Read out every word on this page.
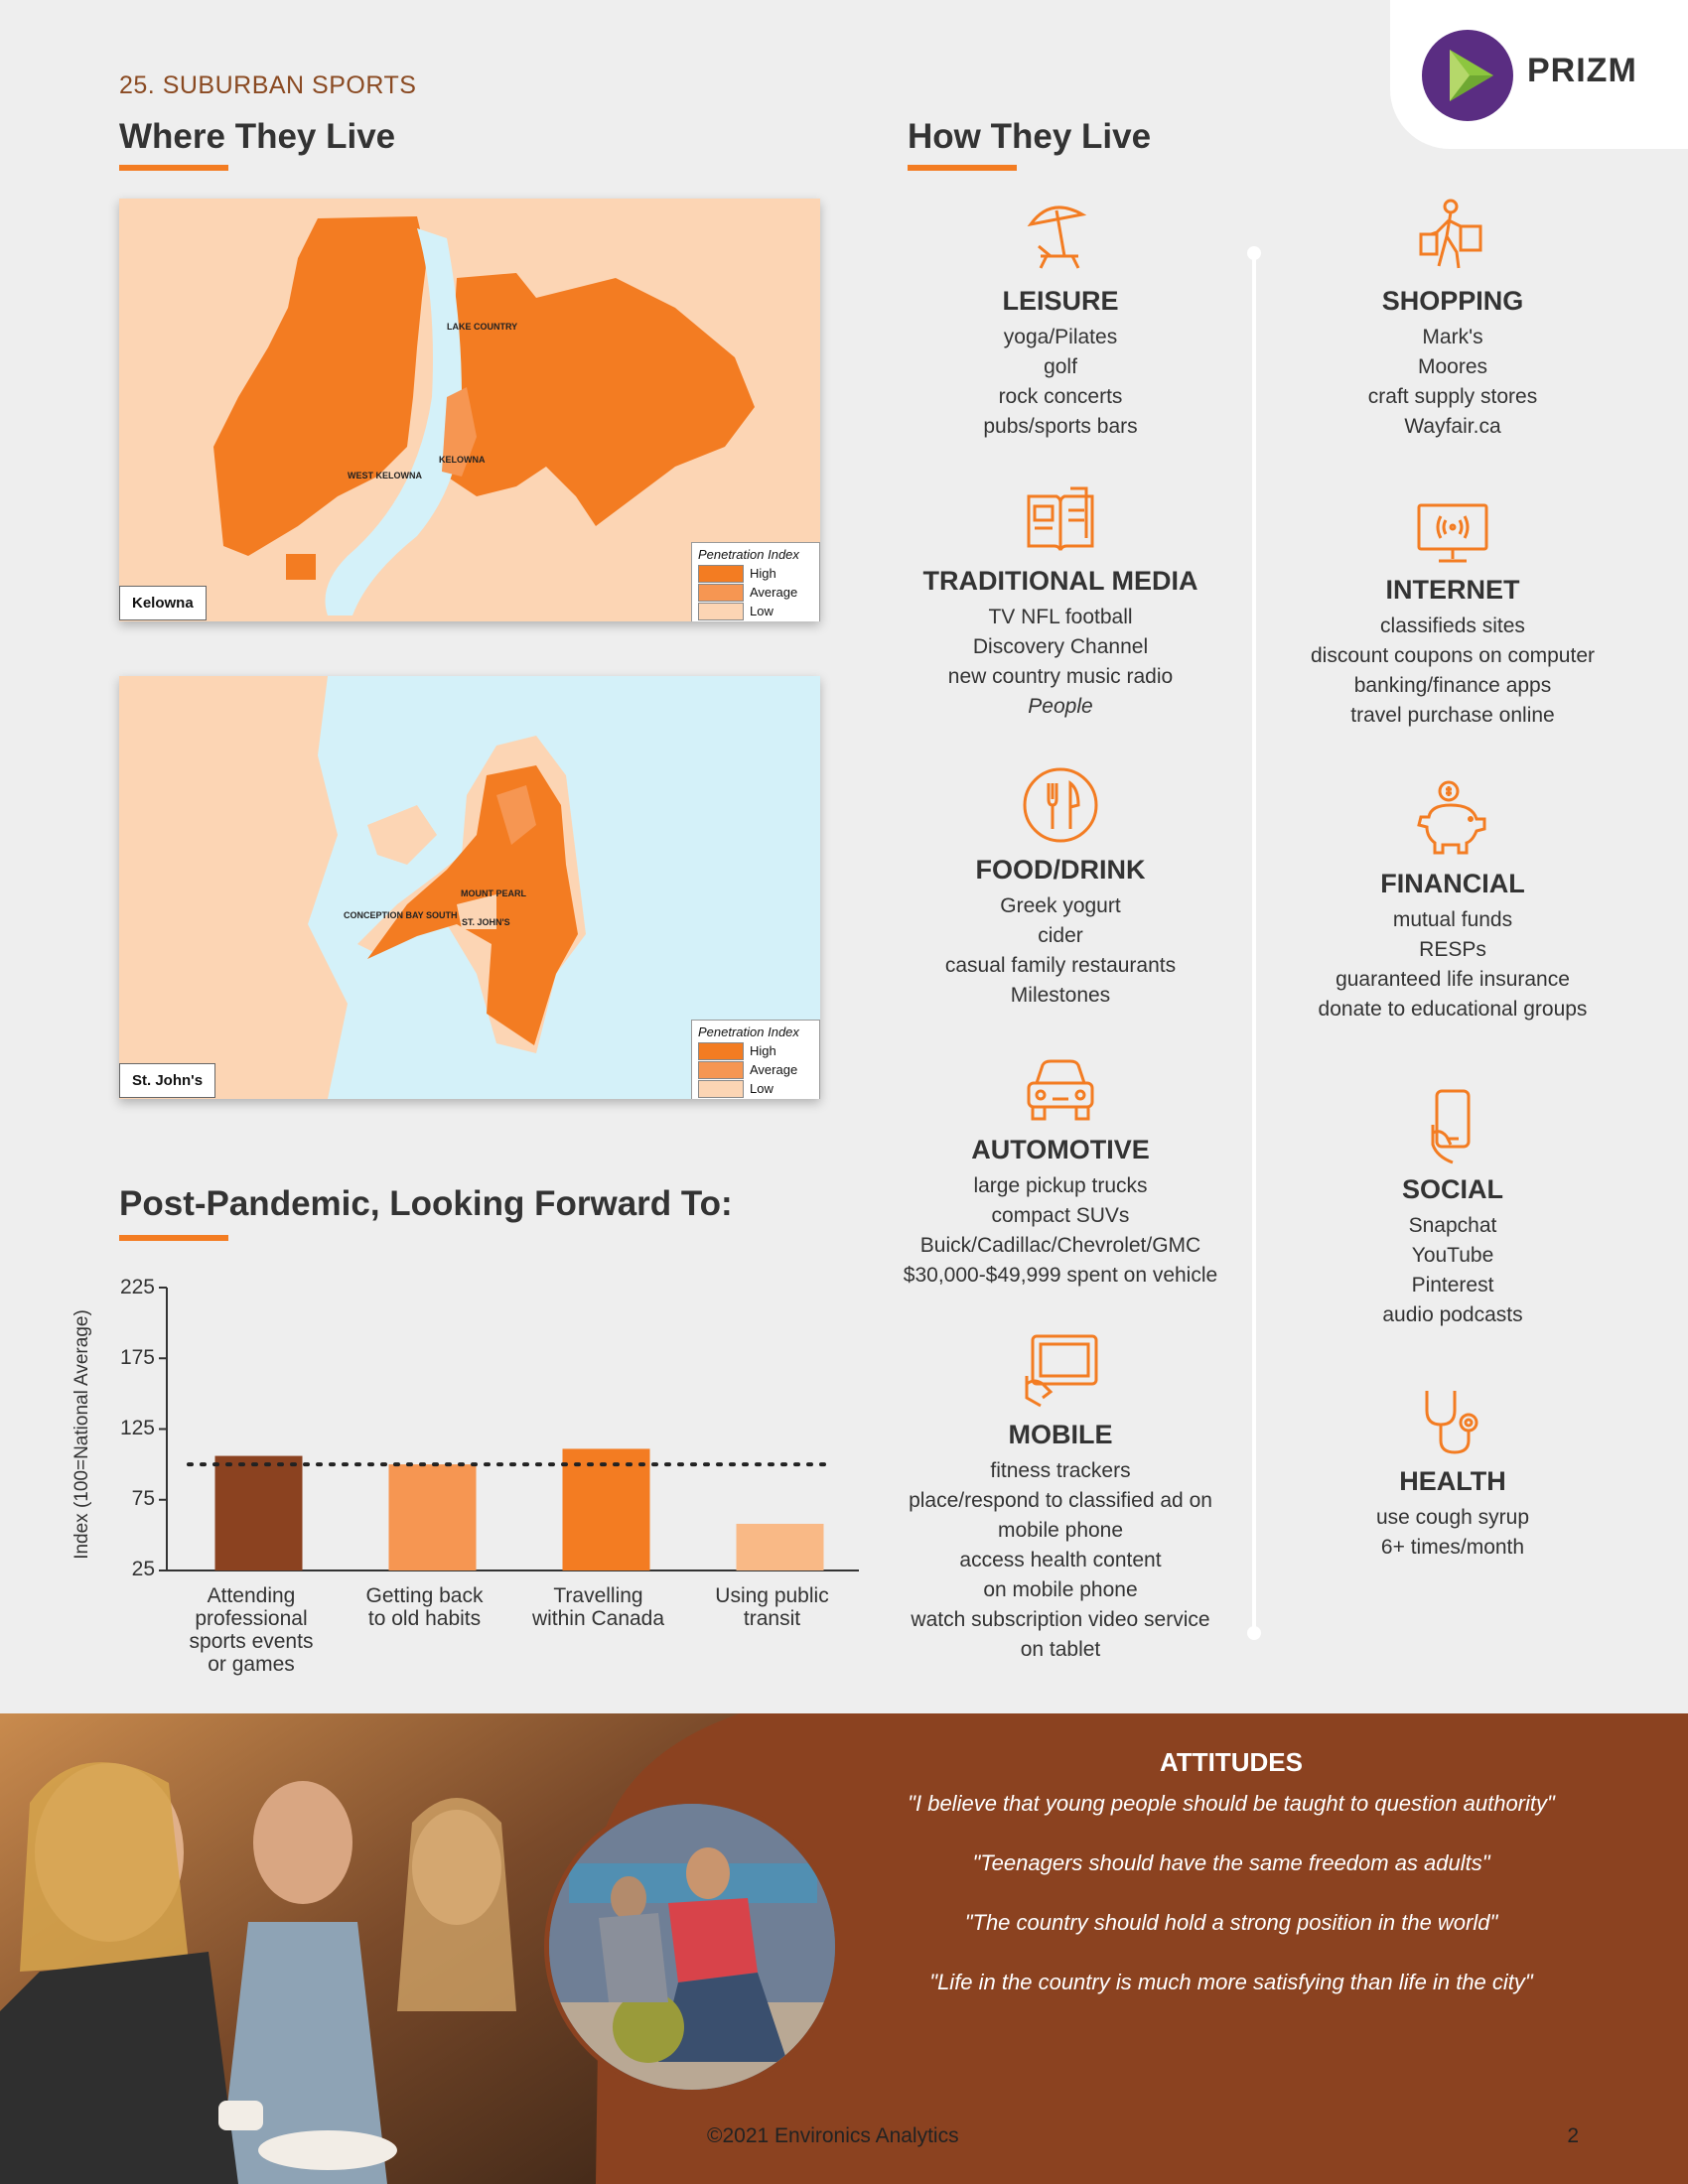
25. SUBURBAN SPORTS	PRIZM
Where They Live
LAKE COUNTRY
KELOWNA
WEST KELOWNA
Penetration Index
High
Average
Low
Kelowna
MOUNT PEARL
CONCEPTION BAY SOUTH
ST. JOHN'S
Penetration Index
High
Average
Low
St. John's
Post-Pandemic, Looking Forward To:
Index (100=National Average)
225
175
125
75
25
Attending
professional
sports events
or games
Getting back
to old habits
Travelling
within Canada
Using public
transit
How They Live
LEISURE
yoga/Pilates
golf
rock concerts
pubs/sports bars
TRADITIONAL MEDIA
TV NFL football
Discovery Channel
new country music radio
People
FOOD/DRINK
Greek yogurt
cider
casual family restaurants
Milestones
AUTOMOTIVE
large pickup trucks
compact SUVs
Buick/Cadillac/Chevrolet/GMC
$30,000-$49,999 spent on vehicle
MOBILE
fitness trackers
place/respond to classified ad on
mobile phone
access health content
on mobile phone
watch subscription video service
on tablet
SHOPPING
Mark's
Moores
craft supply stores
Wayfair.ca
INTERNET
classifieds sites
discount coupons on computer
banking/finance apps
travel purchase online
FINANCIAL
mutual funds
RESPs
guaranteed life insurance
donate to educational groups
SOCIAL
Snapchat
YouTube
Pinterest
audio podcasts
HEALTH
use cough syrup
6+ times/month
ATTITUDES
"I believe that young people should be taught to question authority"
"Teenagers should have the same freedom as adults"
"The country should hold a strong position in the world"
"Life in the country is much more satisfying than life in the city"
©2021 Environics Analytics	2
